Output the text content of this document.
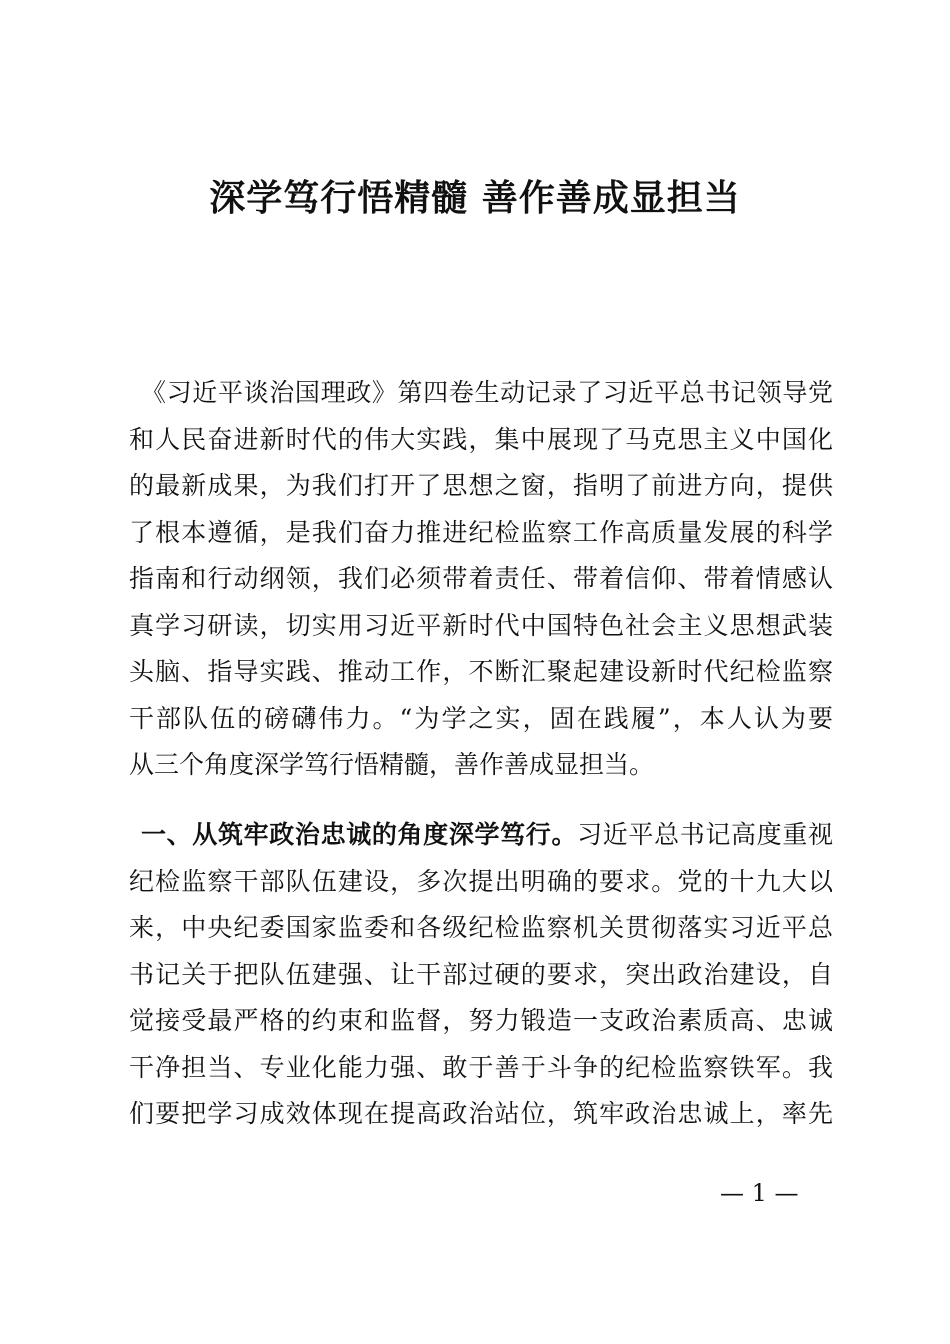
深学笃行悟精髓 善作善成显担当
《习近平谈治国理政》第四卷生动记录了习近平总书记领导党
和人民奋进新时代的伟大实践，集中展现了马克思主义中国化
的最新成果，为我们打开了思想之窗，指明了前进方向，提供
了根本遵循，是我们奋力推进纪检监察工作高质量发展的科学
指南和行动纲领，我们必须带着责任、带着信仰、带着情感认
真学习研读，切实用习近平新时代中国特色社会主义思想武装
头脑、指导实践、推动工作，不断汇聚起建设新时代纪检监察
干部队伍的磅礴伟力。“为学之实，固在践履”，本人认为要
从三个角度深学笃行悟精髓，善作善成显担当。
一、从筑牢政治忠诚的角度深学笃行。习近平总书记高度重视
纪检监察干部队伍建设，多次提出明确的要求。党的十九大以
来，中央纪委国家监委和各级纪检监察机关贯彻落实习近平总
书记关于把队伍建强、让干部过硬的要求，突出政治建设，自
觉接受最严格的约束和监督，努力锻造一支政治素质高、忠诚
干净担当、专业化能力强、敢于善于斗争的纪检监察铁军。我
们要把学习成效体现在提高政治站位，筑牢政治忠诚上，率先
— 1 —
